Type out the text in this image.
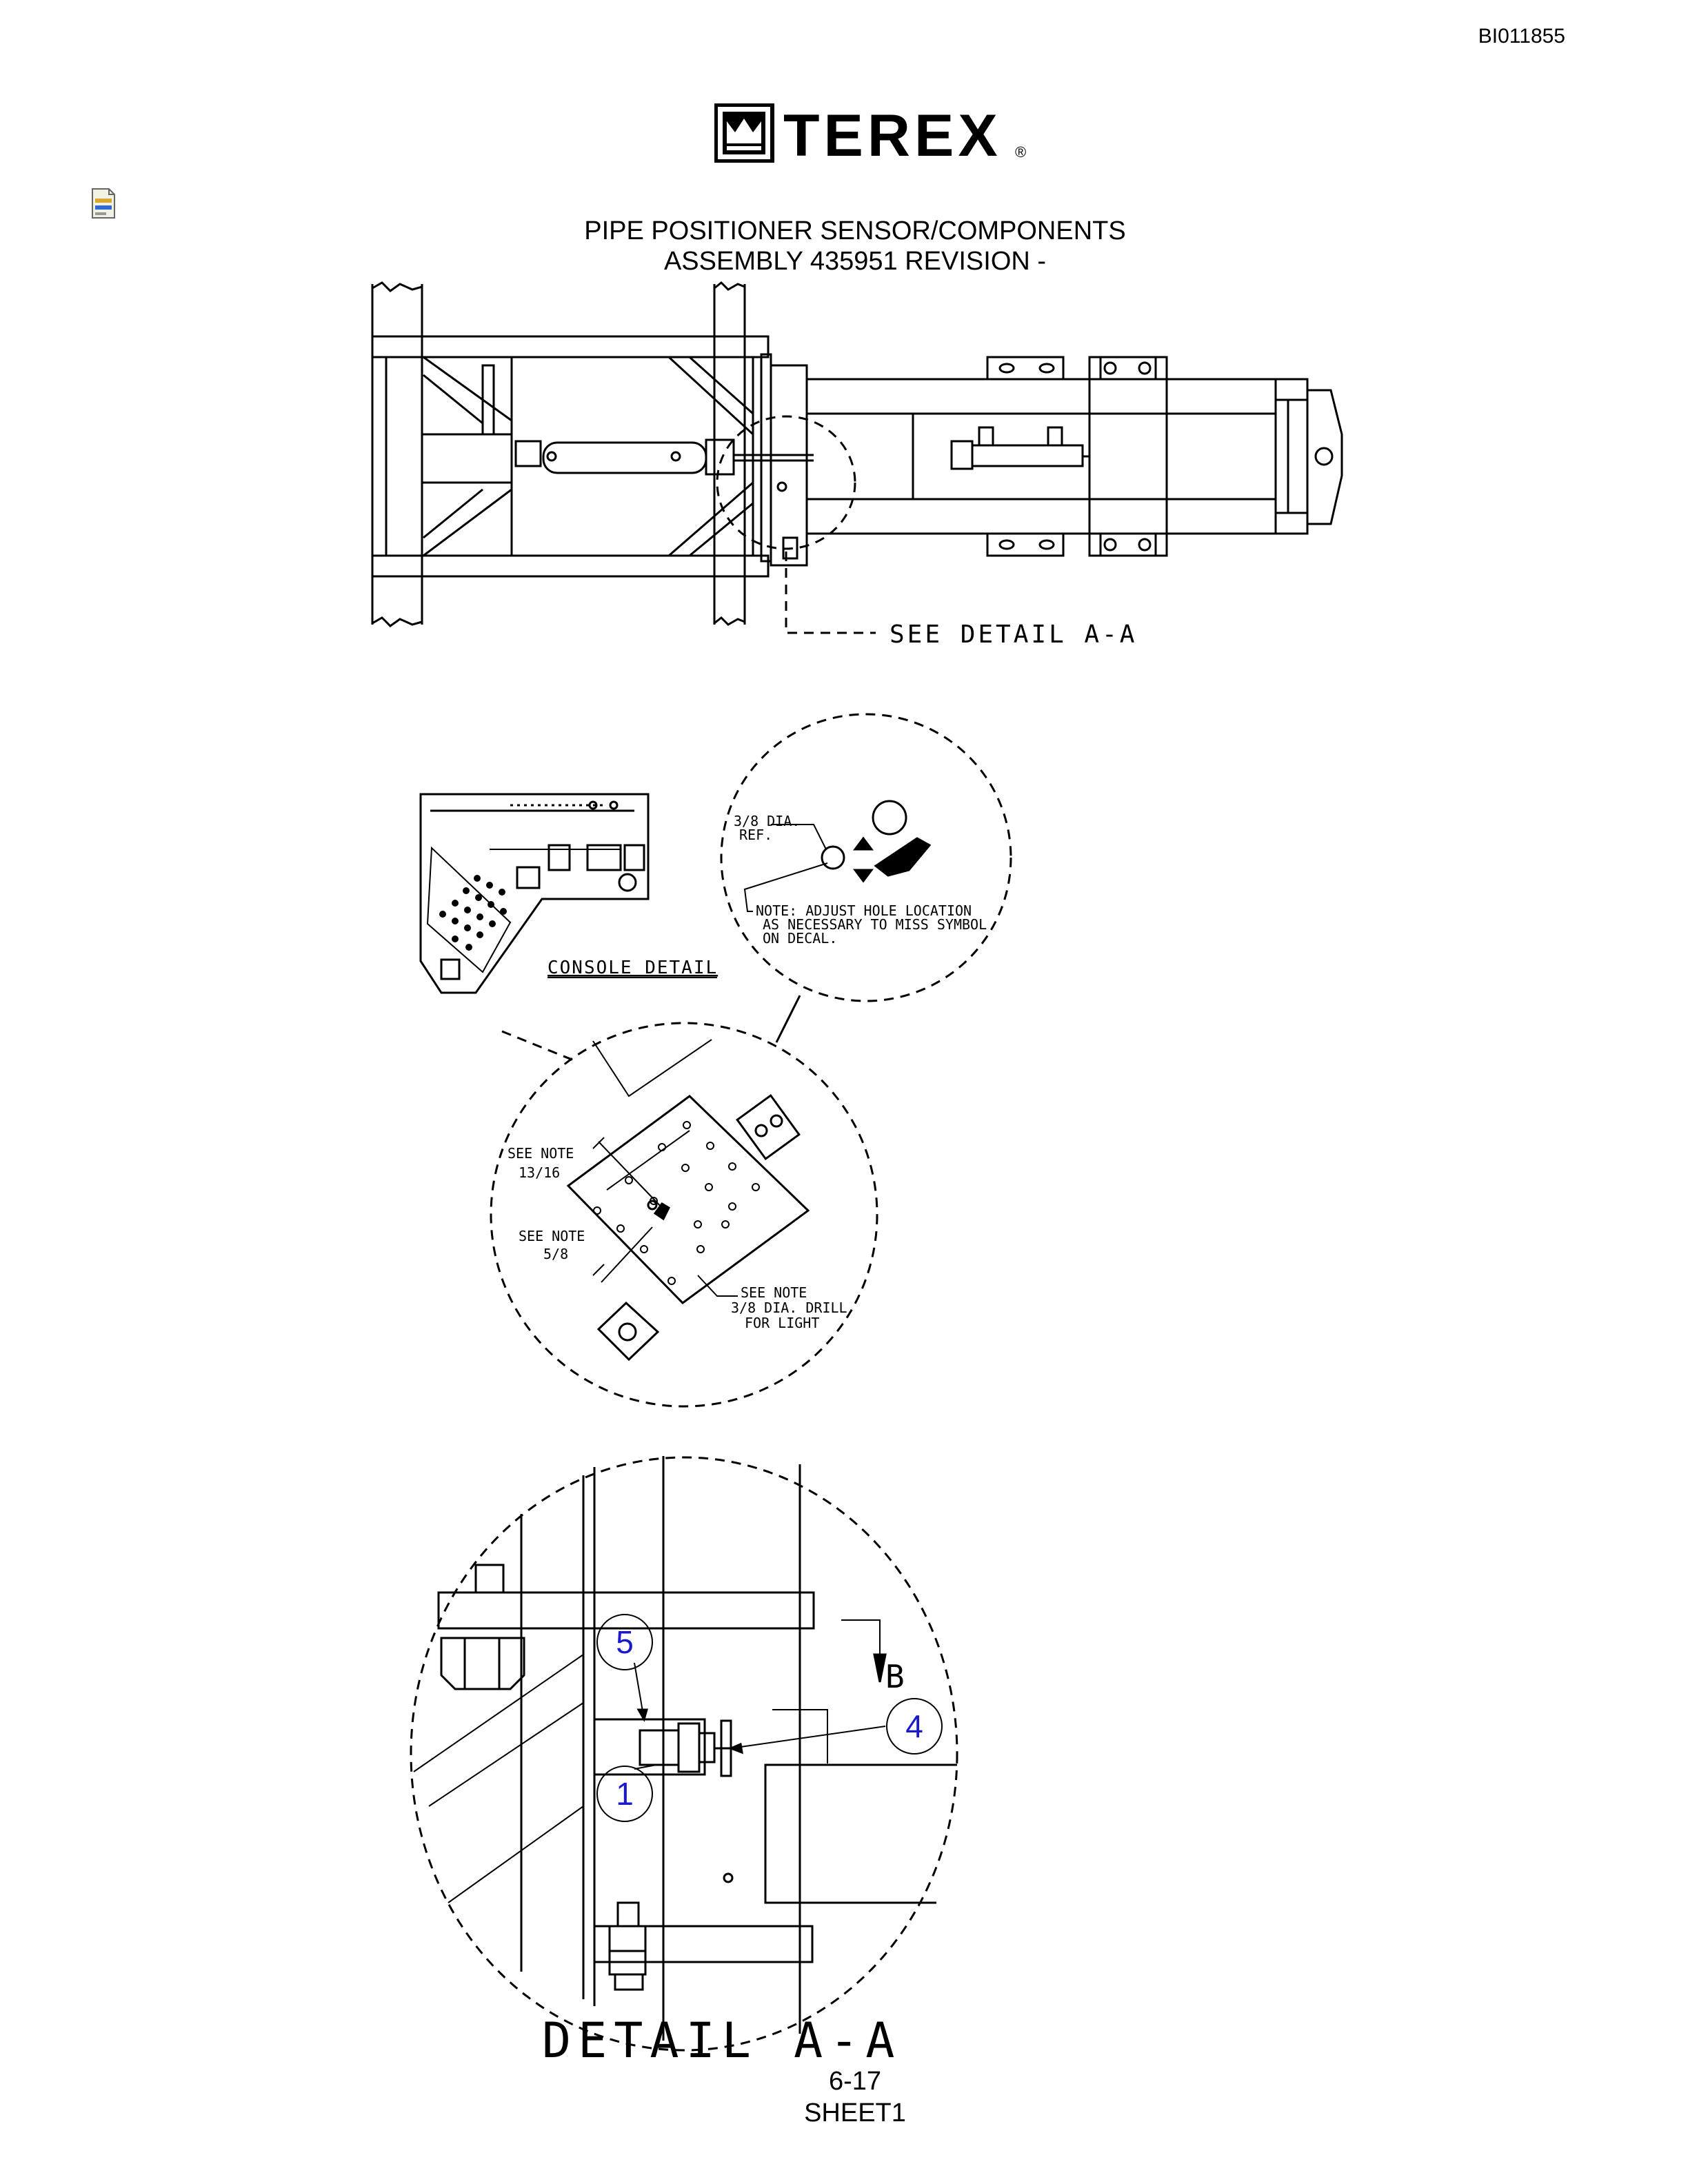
BI011855
TEREX ®
PIPE POSITIONER SENSOR/COMPONENTS
ASSEMBLY 435951 REVISION -
SEE DETAIL A-A
CONSOLE DETAIL
3/8 DIA.
REF.
NOTE: ADJUST HOLE LOCATION
AS NECESSARY TO MISS SYMBOL
ON DECAL.
SEE NOTE
13/16
SEE NOTE
5/8
SEE NOTE
3/8 DIA. DRILL
FOR LIGHT
B
5
4
1
DETAIL A-A
6-17
SHEET1
